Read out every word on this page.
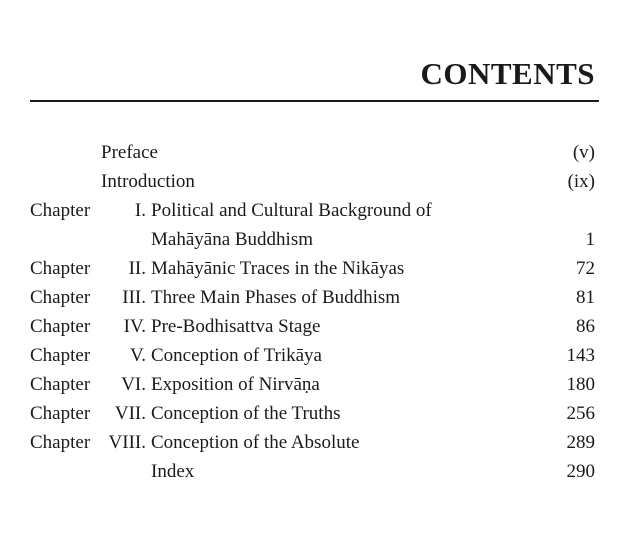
CONTENTS
Preface	(v)
Introduction	(ix)
Chapter	I. Political and Cultural Background of
Mahāyāna Buddhism	1
Chapter	II. Mahāyānic Traces in the Nikāyas	72
Chapter	III. Three Main Phases of Buddhism	81
Chapter	IV. Pre-Bodhisattva Stage	86
Chapter	V. Conception of Trikāya	143
Chapter	VI. Exposition of Nirvāṇa	180
Chapter	VII. Conception of the Truths	256
Chapter VIII. Conception of the Absolute	289
Index	290
